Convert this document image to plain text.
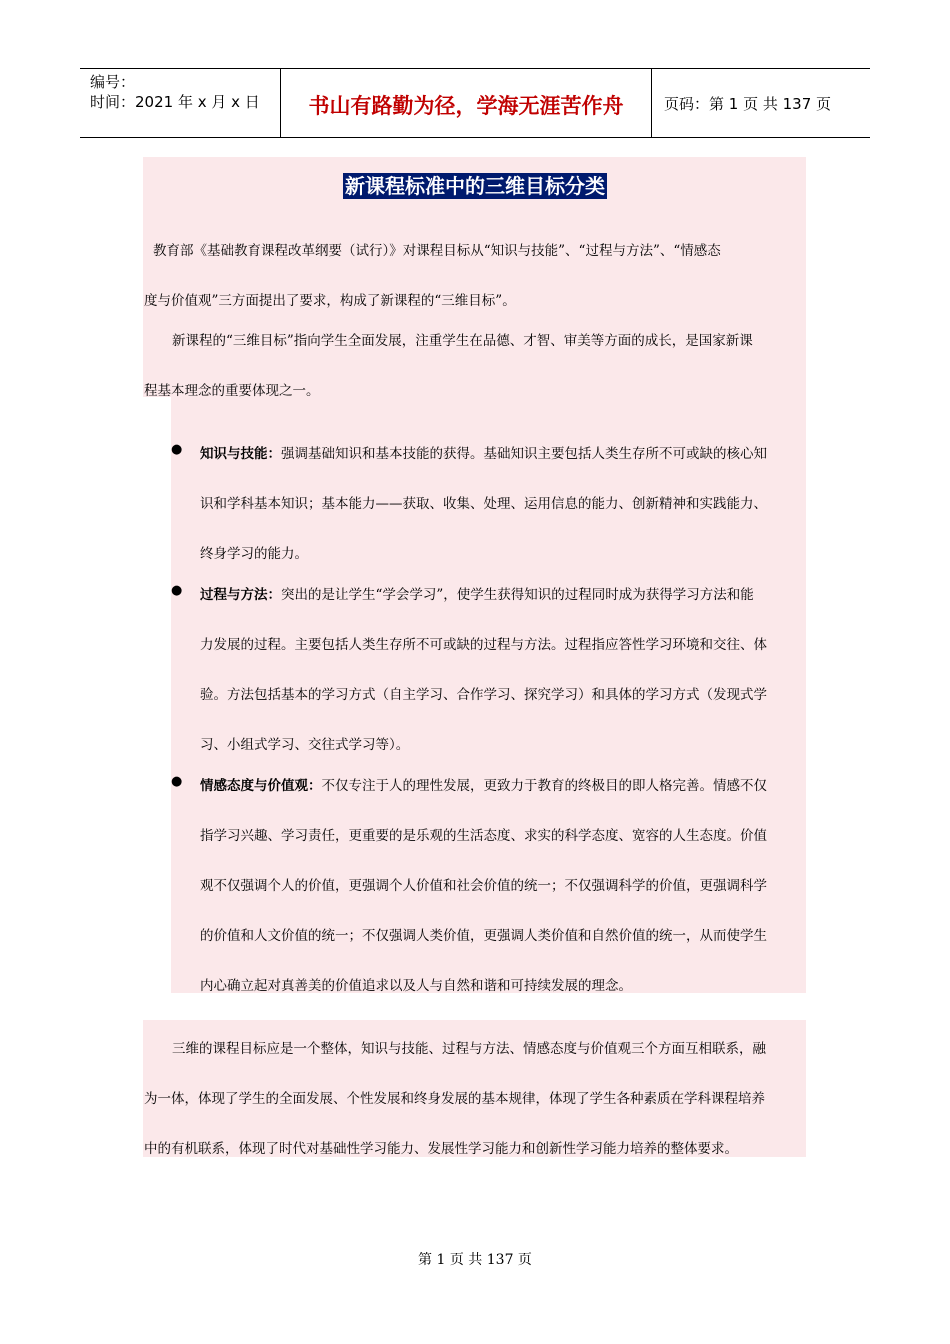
编号：
时间：2021 年 x 月 x 日	书山有路勤为径，学海无涯苦作舟	页码：第 1 页 共 137 页
新课程标准中的三维目标分类
教育部《基础教育课程改革纲要（试行）》对课程目标从“知识与技能”、“过程与方法”、“情感态
度与价值观”三方面提出了要求，构成了新课程的“三维目标”。
新课程的“三维目标”指向学生全面发展，注重学生在品德、才智、审美等方面的成长，是国家新课
程基本理念的重要体现之一。
● 知识与技能：强调基础知识和基本技能的获得。基础知识主要包括人类生存所不可或缺的核心知
识和学科基本知识；基本能力——获取、收集、处理、运用信息的能力、创新精神和实践能力、
终身学习的能力。
● 过程与方法：突出的是让学生“学会学习”，使学生获得知识的过程同时成为获得学习方法和能
力发展的过程。主要包括人类生存所不可或缺的过程与方法。过程指应答性学习环境和交往、体
验。方法包括基本的学习方式（自主学习、合作学习、探究学习）和具体的学习方式（发现式学
习、小组式学习、交往式学习等）。
● 情感态度与价值观：不仅专注于人的理性发展，更致力于教育的终极目的即人格完善。情感不仅
指学习兴趣、学习责任，更重要的是乐观的生活态度、求实的科学态度、宽容的人生态度。价值
观不仅强调个人的价值，更强调个人价值和社会价值的统一；不仅强调科学的价值，更强调科学
的价值和人文价值的统一；不仅强调人类价值，更强调人类价值和自然价值的统一，从而使学生
内心确立起对真善美的价值追求以及人与自然和谐和可持续发展的理念。
三维的课程目标应是一个整体，知识与技能、过程与方法、情感态度与价值观三个方面互相联系，融
为一体，体现了学生的全面发展、个性发展和终身发展的基本规律，体现了学生各种素质在学科课程培养
中的有机联系，体现了时代对基础性学习能力、发展性学习能力和创新性学习能力培养的整体要求。
第 1 页 共 137 页
